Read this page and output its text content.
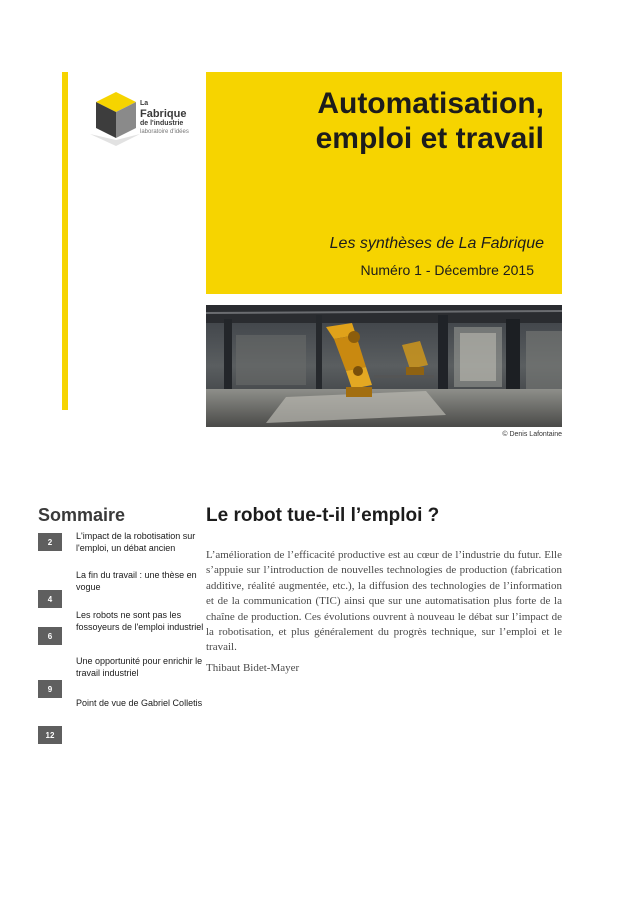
La
Fabrique
de l'industrie
laboratoire d'idées
Automatisation,
emploi et travail
Les synthèses de La Fabrique
Numéro 1 - Décembre 2015
© Denis Lafontaine
Sommaire
2
L'impact de la robotisation sur l'emploi, un débat ancien
4
La fin du travail : une thèse en vogue
6
Les robots ne sont pas les fossoyeurs de l'emploi industriel
9
Une opportunité pour enrichir le travail industriel
12
Point de vue de Gabriel Colletis
Le robot tue-t-il l’emploi ?
L’amélioration de l’efficacité productive est au cœur de l’industrie du futur. Elle s’appuie sur l’introduction de nouvelles technologies de production (fabrication additive, réalité augmentée, etc.), la diffusion des technologies de l’information et de la communication (TIC) ainsi que sur une automatisation plus forte de la chaîne de production. Ces évolutions ouvrent à nouveau le débat sur l’impact de la robotisation, et plus généralement du progrès technique, sur l’emploi et le travail.
Thibaut Bidet-Mayer
